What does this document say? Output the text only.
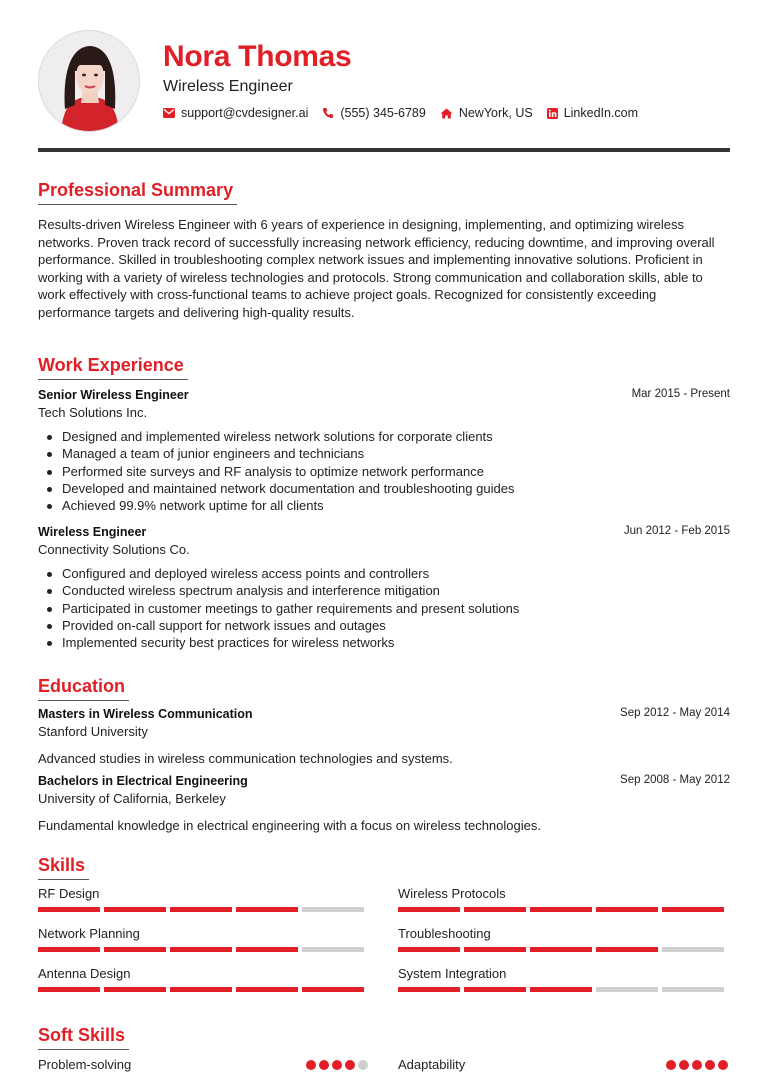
Nora Thomas
Wireless Engineer
support@cvdesigner.ai	(555) 345-6789	NewYork, US LinkedIn.com
Professional Summary
Results-driven Wireless Engineer with 6 years of experience in designing, implementing, and optimizing wireless networks. Proven track record of successfully increasing network efficiency, reducing downtime, and improving overall performance. Skilled in troubleshooting complex network issues and implementing innovative solutions. Proficient in working with a variety of wireless technologies and protocols. Strong communication and collaboration skills, able to work effectively with cross-functional teams to achieve project goals. Recognized for consistently exceeding performance targets and delivering high-quality results.
Work Experience
Senior Wireless Engineer	Mar 2015 - Present
Tech Solutions Inc.
Designed and implemented wireless network solutions for corporate clients
Managed a team of junior engineers and technicians
Performed site surveys and RF analysis to optimize network performance
Developed and maintained network documentation and troubleshooting guides
Achieved 99.9% network uptime for all clients
Wireless Engineer	Jun 2012 - Feb 2015
Connectivity Solutions Co.
Configured and deployed wireless access points and controllers
Conducted wireless spectrum analysis and interference mitigation
Participated in customer meetings to gather requirements and present solutions
Provided on-call support for network issues and outages
Implemented security best practices for wireless networks
Education
Masters in Wireless Communication	Sep 2012 - May 2014
Stanford University
Advanced studies in wireless communication technologies and systems.
Bachelors in Electrical Engineering	Sep 2008 - May 2012
University of California, Berkeley
Fundamental knowledge in electrical engineering with a focus on wireless technologies.
Skills
RF Design	Wireless Protocols
Network Planning	Troubleshooting
Antenna Design	System Integration
Soft Skills
Problem-solving	Adaptability
